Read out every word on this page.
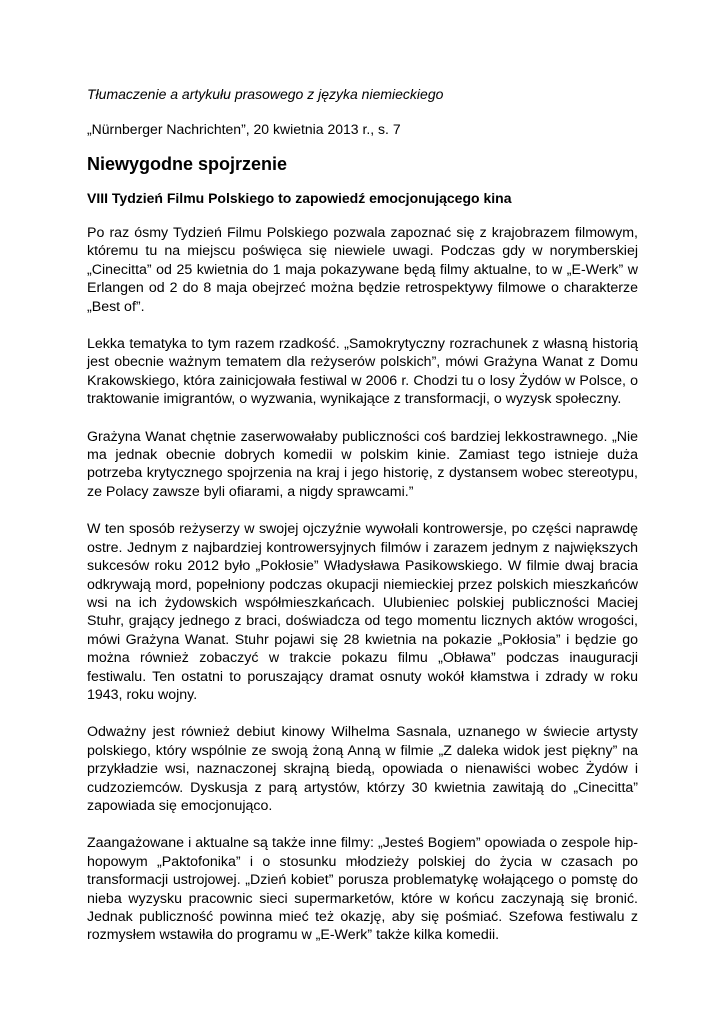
Tłumaczenie a artykułu prasowego z języka niemieckiego

„Nürnberger Nachrichten”, 20 kwietnia 2013 r., s. 7

Niewygodne spojrzenie

VIII Tydzień Filmu Polskiego to zapowiedź emocjonującego kina

Po raz ósmy Tydzień Filmu Polskiego pozwala zapoznać się z krajobrazem filmowym, któremu tu na miejscu poświęca się niewiele uwagi. Podczas gdy w norymberskiej „Cinecitta” od 25 kwietnia do 1 maja pokazywane będą filmy aktualne, to w „E-Werk” w Erlangen od 2 do 8 maja obejrzeć można będzie retrospektywy filmowe o charakterze „Best of”.

Lekka tematyka to tym razem rzadkość. „Samokrytyczny rozrachunek z własną historią jest obecnie ważnym tematem dla reżyserów polskich”, mówi Grażyna Wanat z Domu Krakowskiego, która zainicjowała festiwal w 2006 r. Chodzi tu o losy Żydów w Polsce, o traktowanie imigrantów, o wyzwania, wynikające z transformacji, o wyzysk społeczny.

Grażyna Wanat chętnie zaserwowałaby publiczności coś bardziej lekkostrawnego. „Nie ma jednak obecnie dobrych komedii w polskim kinie. Zamiast tego istnieje duża potrzeba krytycznego spojrzenia na kraj i jego historię, z dystansem wobec stereotypu, ze Polacy zawsze byli ofiarami, a nigdy sprawcami.”

W ten sposób reżyserzy w swojej ojczyźnie wywołali kontrowersje, po części naprawdę ostre. Jednym z najbardziej kontrowersyjnych filmów i zarazem jednym z największych sukcesów roku 2012 było „Pokłosie” Władysława Pasikowskiego. W filmie dwaj bracia odkrywają mord, popełniony podczas okupacji niemieckiej przez polskich mieszkańców wsi na ich żydowskich współmieszkańcach. Ulubieniec polskiej publiczności Maciej Stuhr, grający jednego z braci, doświadcza od tego momentu licznych aktów wrogości, mówi Grażyna Wanat. Stuhr pojawi się 28 kwietnia na pokazie „Pokłosia” i będzie go można również zobaczyć w trakcie pokazu filmu „Obława” podczas inauguracji festiwalu. Ten ostatni to poruszający dramat osnuty wokół kłamstwa i zdrady w roku 1943, roku wojny.

Odważny jest również debiut kinowy Wilhelma Sasnala, uznanego w świecie artysty polskiego, który wspólnie ze swoją żoną Anną w filmie „Z daleka widok jest piękny” na przykładzie wsi, naznaczonej skrajną biedą, opowiada o nienawiści wobec Żydów i cudzoziemców. Dyskusja z parą artystów, którzy 30 kwietnia zawitają do „Cinecitta” zapowiada się emocjonująco.

Zaangażowane i aktualne są także inne filmy: „Jesteś Bogiem” opowiada o zespole hip-hopowym „Paktofonika” i o stosunku młodzieży polskiej do życia w czasach po transformacji ustrojowej. „Dzień kobiet” porusza problematykę wołającego o pomstę do nieba wyzysku pracownic sieci supermarketów, które w końcu zaczynają się bronić. Jednak publiczność powinna mieć też okazję, aby się pośmiać. Szefowa festiwalu z rozmysłem wstawiła do programu w „E-Werk” także kilka komedii.
